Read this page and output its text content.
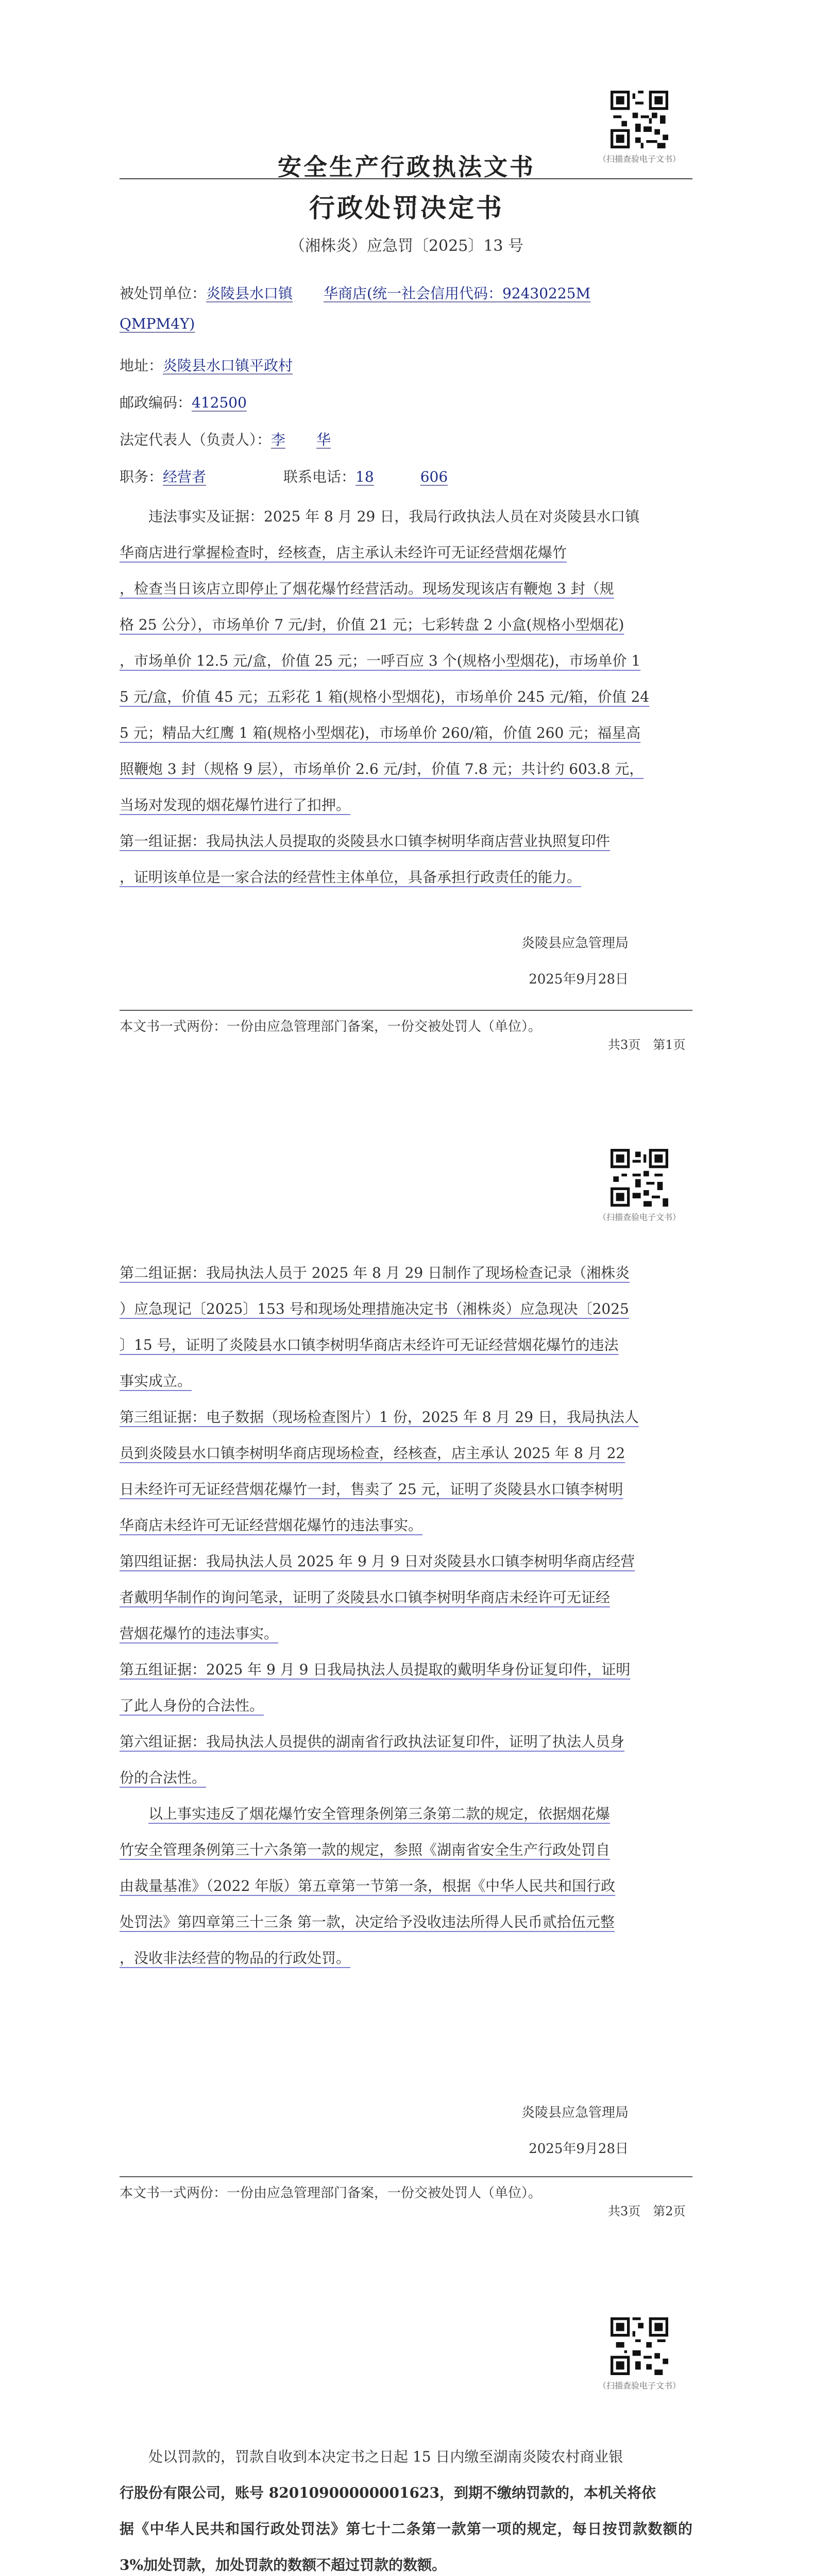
（扫描查验电子文书）
安全生产行政执法文书
行政处罚决定书
（湘株炎）应急罚〔2025〕13 号
被处罚单位：炎陵县水口镇 华商店(统一社会信用代码：92430225M
QMPM4Y)
地址：炎陵县水口镇平政村
邮政编码：412500
法定代表人（负责人）：李 华
职务：经营者	联系电话：18	606
违法事实及证据：2025 年 8 月 29 日，我局行政执法人员在对炎陵县水口镇
华商店进行掌握检查时，经核查，店主承认未经许可无证经营烟花爆竹
，检查当日该店立即停止了烟花爆竹经营活动。现场发现该店有鞭炮 3 封（规
格 25 公分），市场单价 7 元/封，价值 21 元；七彩转盘 2 小盒(规格小型烟花)
，市场单价 12.5 元/盒，价值 25 元；一呼百应 3 个(规格小型烟花)，市场单价 1
5 元/盒，价值 45 元；五彩花 1 箱(规格小型烟花)，市场单价 245 元/箱，价值 24
5 元；精品大红鹰 1 箱(规格小型烟花)，市场单价 260/箱，价值 260 元；福星高
照鞭炮 3 封（规格 9 层），市场单价 2.6 元/封，价值 7.8 元；共计约 603.8 元，
当场对发现的烟花爆竹进行了扣押。
第一组证据：我局执法人员提取的炎陵县水口镇李树明华商店营业执照复印件
，证明该单位是一家合法的经营性主体单位，具备承担行政责任的能力。
炎陵县应急管理局
2025年9月28日
本文书一式两份：一份由应急管理部门备案，一份交被处罚人（单位）。
共3页　第1页
（扫描查验电子文书）
第二组证据：我局执法人员于 2025 年 8 月 29 日制作了现场检查记录（湘株炎
）应急现记〔2025〕153 号和现场处理措施决定书（湘株炎）应急现决〔2025
〕15 号，证明了炎陵县水口镇李树明华商店未经许可无证经营烟花爆竹的违法
事实成立。
第三组证据：电子数据（现场检查图片）1 份，2025 年 8 月 29 日，我局执法人
员到炎陵县水口镇李树明华商店现场检查，经核查，店主承认 2025 年 8 月 22
日未经许可无证经营烟花爆竹一封，售卖了 25 元，证明了炎陵县水口镇李树明
华商店未经许可无证经营烟花爆竹的违法事实。
第四组证据：我局执法人员 2025 年 9 月 9 日对炎陵县水口镇李树明华商店经营
者戴明华制作的询问笔录，证明了炎陵县水口镇李树明华商店未经许可无证经
营烟花爆竹的违法事实。
第五组证据：2025 年 9 月 9 日我局执法人员提取的戴明华身份证复印件，证明
了此人身份的合法性。
第六组证据：我局执法人员提供的湖南省行政执法证复印件，证明了执法人员身
份的合法性。
以上事实违反了烟花爆竹安全管理条例第三条第二款的规定，依据烟花爆
竹安全管理条例第三十六条第一款的规定，参照《湖南省安全生产行政处罚自
由裁量基准》（2022 年版）第五章第一节第一条，根据《中华人民共和国行政
处罚法》第四章第三十三条 第一款，决定给予没收违法所得人民币贰拾伍元整
，没收非法经营的物品的行政处罚。
炎陵县应急管理局
2025年9月28日
本文书一式两份：一份由应急管理部门备案，一份交被处罚人（单位）。
共3页　第2页
（扫描查验电子文书）
处以罚款的，罚款自收到本决定书之日起 15 日内缴至湖南炎陵农村商业银
行股份有限公司，账号 82010900000001623，到期不缴纳罚款的，本机关将依
据《中华人民共和国行政处罚法》第七十二条第一款第一项的规定，每日按罚款数额的 3%加处罚款，加处罚款的数额不超过罚款的数额。
